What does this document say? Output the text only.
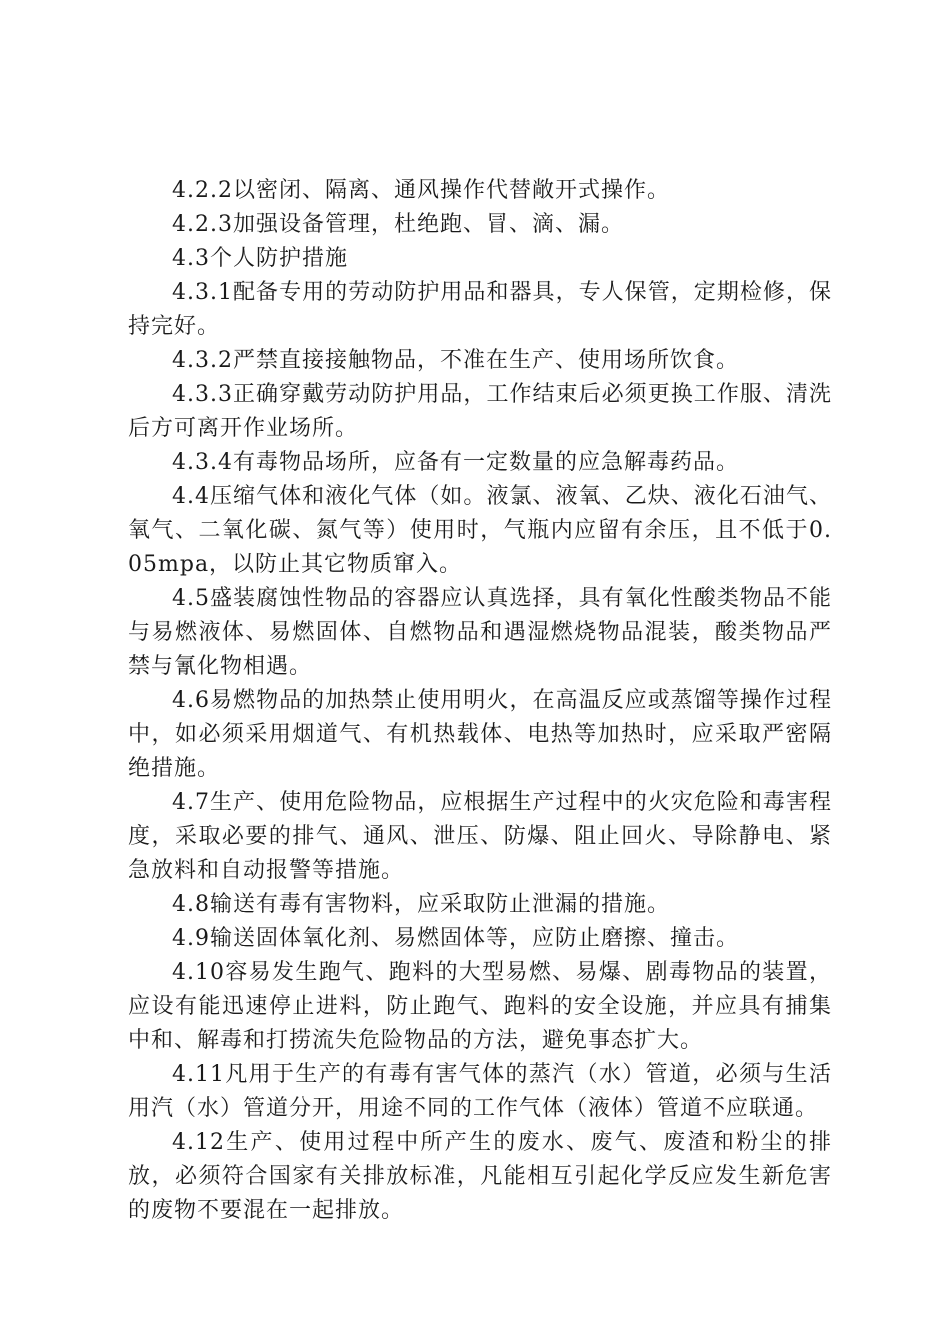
4.2.2以密闭、隔离、通风操作代替敞开式操作。

4.2.3加强设备管理，杜绝跑、冒、滴、漏。

4.3个人防护措施

4.3.1配备专用的劳动防护用品和器具，专人保管，定期检修，保持完好。

4.3.2严禁直接接触物品，不准在生产、使用场所饮食。

4.3.3正确穿戴劳动防护用品，工作结束后必须更换工作服、清洗后方可离开作业场所。

4.3.4有毒物品场所，应备有一定数量的应急解毒药品。

4.4压缩气体和液化气体（如。液氯、液氧、乙炔、液化石油气、氧气、二氧化碳、氮气等）使用时，气瓶内应留有余压，且不低于0.05mpa，以防止其它物质窜入。

4.5盛装腐蚀性物品的容器应认真选择，具有氧化性酸类物品不能与易燃液体、易燃固体、自燃物品和遇湿燃烧物品混装，酸类物品严禁与氰化物相遇。

4.6易燃物品的加热禁止使用明火，在高温反应或蒸馏等操作过程中，如必须采用烟道气、有机热载体、电热等加热时，应采取严密隔绝措施。

4.7生产、使用危险物品，应根据生产过程中的火灾危险和毒害程度，采取必要的排气、通风、泄压、防爆、阻止回火、导除静电、紧急放料和自动报警等措施。

4.8输送有毒有害物料，应采取防止泄漏的措施。

4.9输送固体氧化剂、易燃固体等，应防止磨擦、撞击。

4.10容易发生跑气、跑料的大型易燃、易爆、剧毒物品的装置，应设有能迅速停止进料，防止跑气、跑料的安全设施，并应具有捕集中和、解毒和打捞流失危险物品的方法，避免事态扩大。

4.11凡用于生产的有毒有害气体的蒸汽（水）管道，必须与生活用汽（水）管道分开，用途不同的工作气体（液体）管道不应联通。

4.12生产、使用过程中所产生的废水、废气、废渣和粉尘的排放，必须符合国家有关排放标准，凡能相互引起化学反应发生新危害的废物不要混在一起排放。
